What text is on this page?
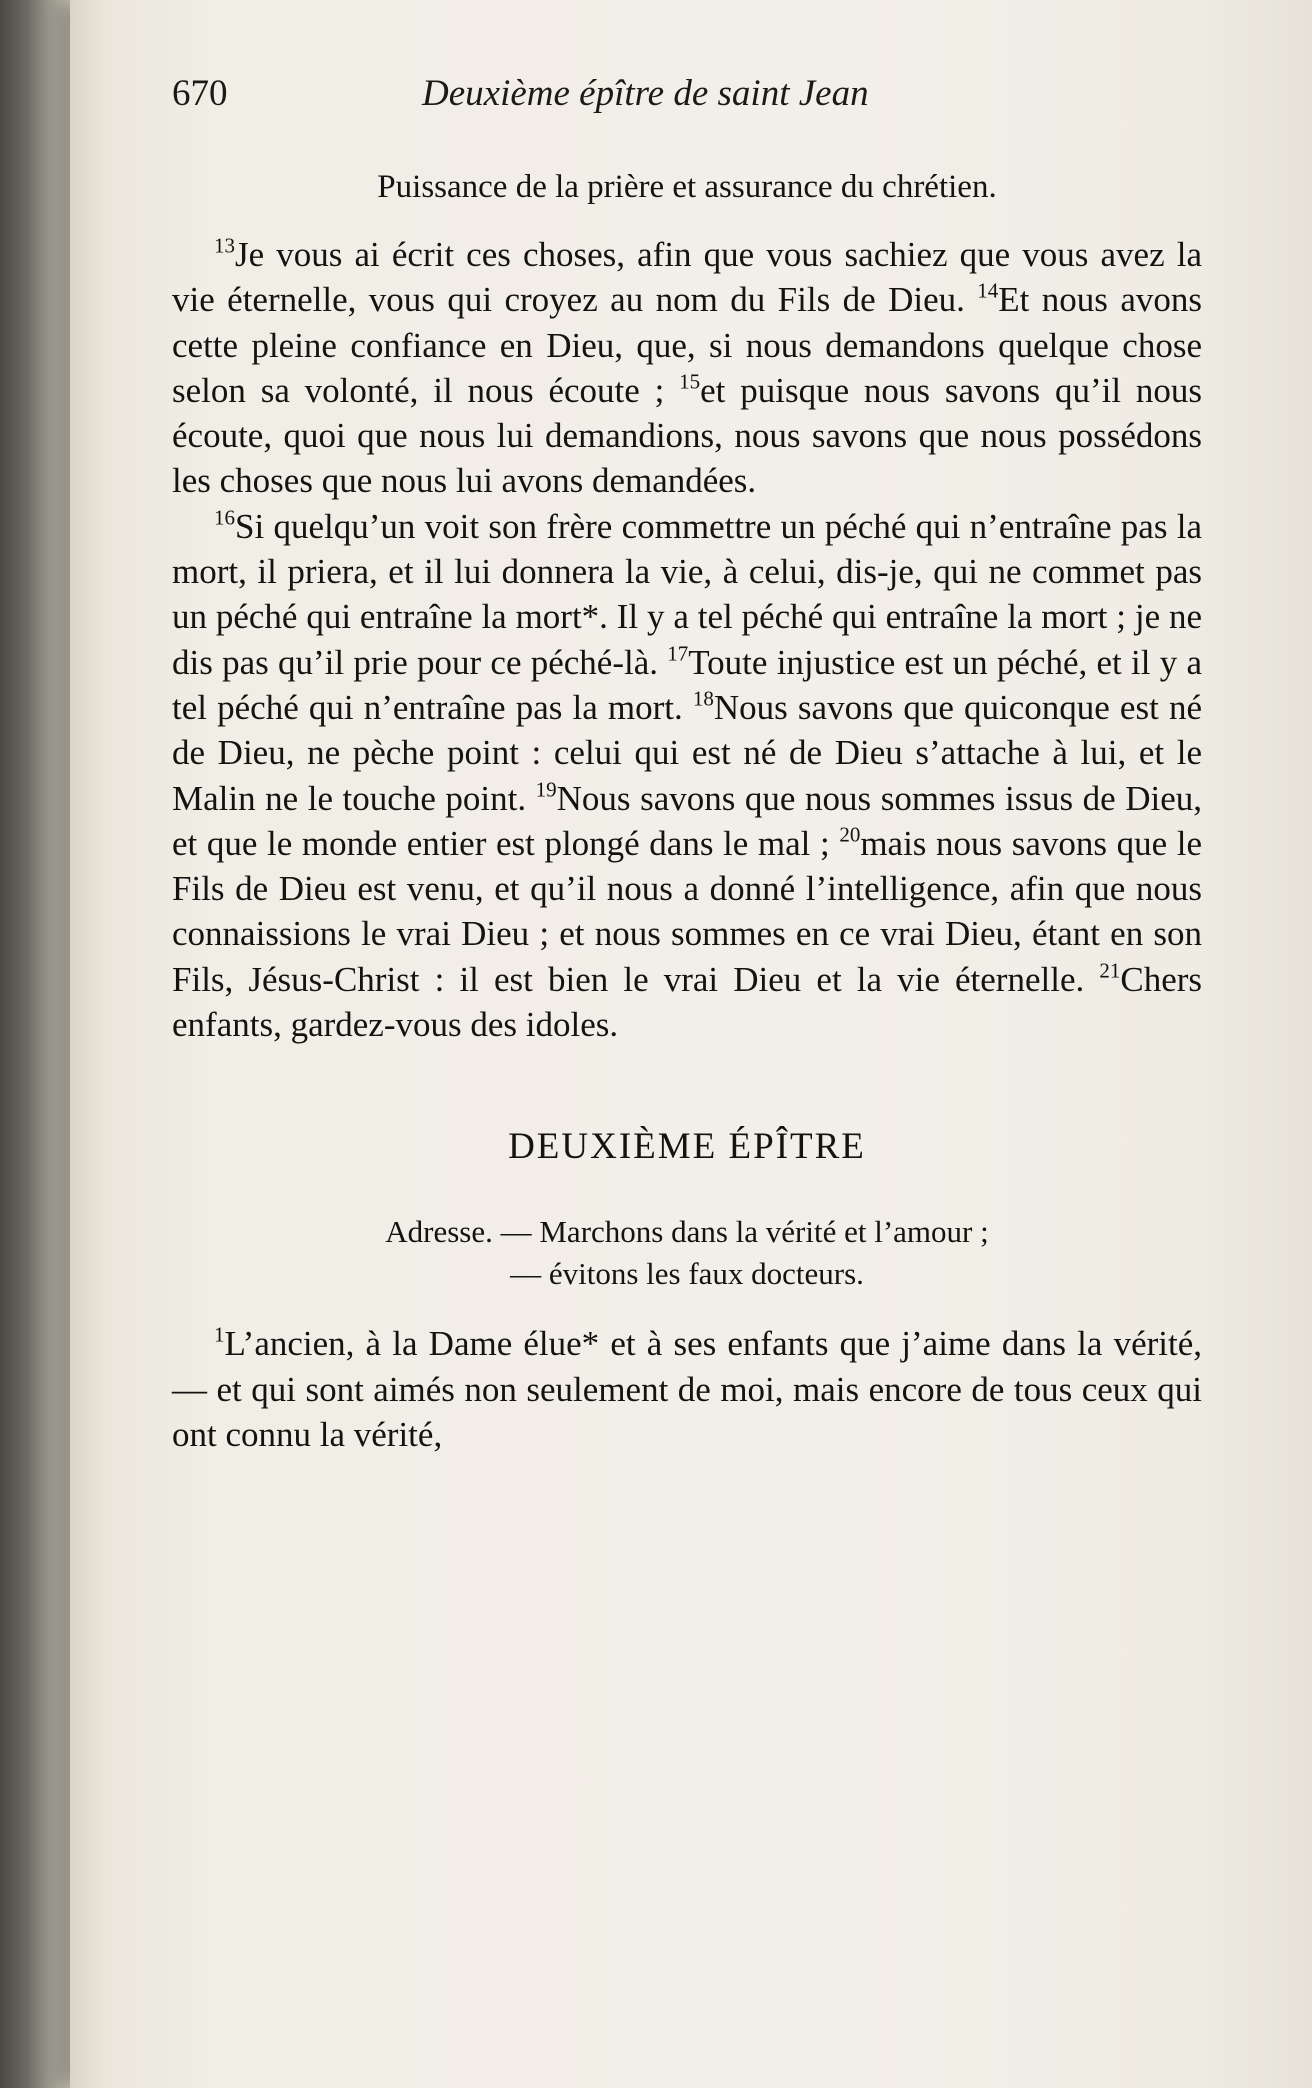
670	Deuxième épître de saint Jean
Puissance de la prière et assurance du chrétien.

$^{13}$Je vous ai écrit ces choses, afin que vous sachiez que vous avez la vie éternelle, vous qui croyez au nom du Fils de Dieu. $^{14}$Et nous avons cette pleine confiance en Dieu, que, si nous demandons quelque chose selon sa volonté, il nous écoute ; $^{15}$et puisque nous savons qu’il nous écoute, quoi que nous lui demandions, nous savons que nous possédons les choses que nous lui avons demandées.

$^{16}$Si quelqu’un voit son frère commettre un péché qui n’entraîne pas la mort, il priera, et il lui donnera la vie, à celui, dis-je, qui ne commet pas un péché qui entraîne la mort*. Il y a tel péché qui entraîne la mort ; je ne dis pas qu’il prie pour ce péché-là. $^{17}$Toute injustice est un péché, et il y a tel péché qui n’entraîne pas la mort. $^{18}$Nous savons que quiconque est né de Dieu, ne pèche point : celui qui est né de Dieu s’attache à lui, et le Malin ne le touche point. $^{19}$Nous savons que nous sommes issus de Dieu, et que le monde entier est plongé dans le mal ; $^{20}$mais nous savons que le Fils de Dieu est venu, et qu’il nous a donné l’intelligence, afin que nous connaissions le vrai Dieu ; et nous sommes en ce vrai Dieu, étant en son Fils, Jésus-Christ : il est bien le vrai Dieu et la vie éternelle. $^{21}$Chers enfants, gardez-vous des idoles.

DEUXIÈME ÉPÎTRE
Adresse. — Marchons dans la vérité et l’amour ;
— évitons les faux docteurs.

$^1$L’ancien, à la Dame élue* et à ses enfants que j’aime dans la vérité, — et qui sont aimés non seulement de moi, mais encore de tous ceux qui ont connu la vérité,
